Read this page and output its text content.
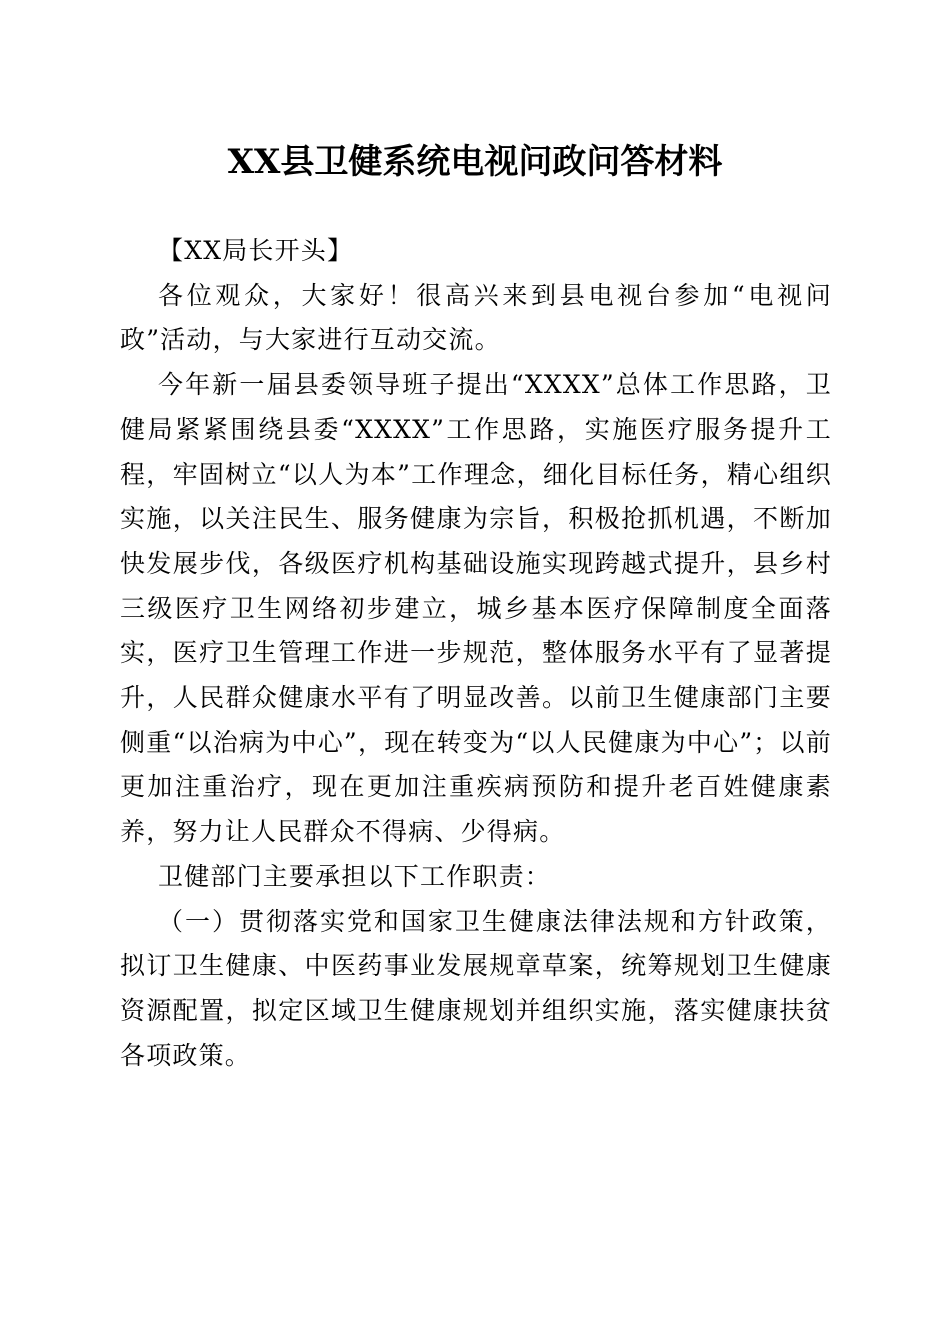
XX县卫健系统电视问政问答材料

【XX局长开头】

各位观众，大家好！很高兴来到县电视台参加“电视问政”活动，与大家进行互动交流。

今年新一届县委领导班子提出“XXXX”总体工作思路，卫健局紧紧围绕县委“XXXX”工作思路，实施医疗服务提升工程，牢固树立“以人为本”工作理念，细化目标任务，精心组织实施，以关注民生、服务健康为宗旨，积极抢抓机遇，不断加快发展步伐，各级医疗机构基础设施实现跨越式提升，县乡村三级医疗卫生网络初步建立，城乡基本医疗保障制度全面落实，医疗卫生管理工作进一步规范，整体服务水平有了显著提升，人民群众健康水平有了明显改善。以前卫生健康部门主要侧重“以治病为中心”，现在转变为“以人民健康为中心”；以前更加注重治疗，现在更加注重疾病预防和提升老百姓健康素养，努力让人民群众不得病、少得病。

卫健部门主要承担以下工作职责：

（一）贯彻落实党和国家卫生健康法律法规和方针政策，拟订卫生健康、中医药事业发展规章草案，统筹规划卫生健康资源配置，拟定区域卫生健康规划并组织实施，落实健康扶贫各项政策。
